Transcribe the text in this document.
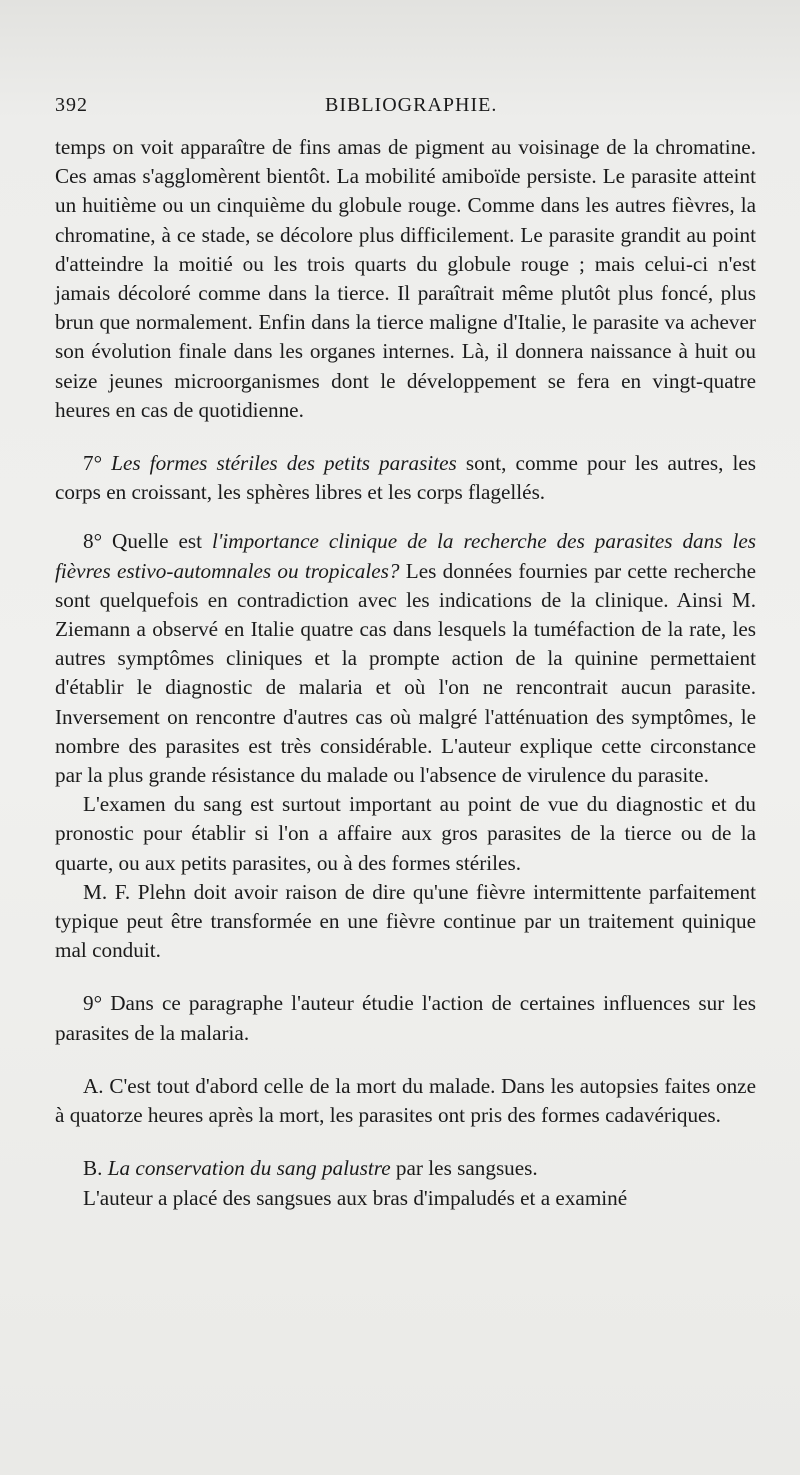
392	BIBLIOGRAPHIE.

temps on voit apparaître de fins amas de pigment au voisinage de la chromatine. Ces amas s'agglomèrent bientôt. La mobilité amiboïde persiste. Le parasite atteint un huitième ou un cinquième du globule rouge. Comme dans les autres fièvres, la chromatine, à ce stade, se décolore plus difficilement. Le parasite grandit au point d'atteindre la moitié ou les trois quarts du globule rouge ; mais celui-ci n'est jamais décoloré comme dans la tierce. Il paraîtrait même plutôt plus foncé, plus brun que normalement. Enfin dans la tierce maligne d'Italie, le parasite va achever son évolution finale dans les organes internes. Là, il donnera naissance à huit ou seize jeunes microorganismes dont le développement se fera en vingt-quatre heures en cas de quotidienne.

7° Les formes stériles des petits parasites sont, comme pour les autres, les corps en croissant, les sphères libres et les corps flagellés.

8° Quelle est l'importance clinique de la recherche des parasites dans les fièvres estivo-automnales ou tropicales? Les données fournies par cette recherche sont quelquefois en contradiction avec les indications de la clinique. Ainsi M. Ziemann a observé en Italie quatre cas dans lesquels la tuméfaction de la rate, les autres symptômes cliniques et la prompte action de la quinine permettaient d'établir le diagnostic de malaria et où l'on ne rencontrait aucun parasite. Inversement on rencontre d'autres cas où malgré l'atténuation des symptômes, le nombre des parasites est très considérable. L'auteur explique cette circonstance par la plus grande résistance du malade ou l'absence de virulence du parasite.

L'examen du sang est surtout important au point de vue du diagnostic et du pronostic pour établir si l'on a affaire aux gros parasites de la tierce ou de la quarte, ou aux petits parasites, ou à des formes stériles.

M. F. Plehn doit avoir raison de dire qu'une fièvre intermittente parfaitement typique peut être transformée en une fièvre continue par un traitement quinique mal conduit.

9° Dans ce paragraphe l'auteur étudie l'action de certaines influences sur les parasites de la malaria.

A. C'est tout d'abord celle de la mort du malade. Dans les autopsies faites onze à quatorze heures après la mort, les parasites ont pris des formes cadavériques.

B. La conservation du sang palustre par les sangsues.

L'auteur a placé des sangsues aux bras d'impaludés et a examiné
